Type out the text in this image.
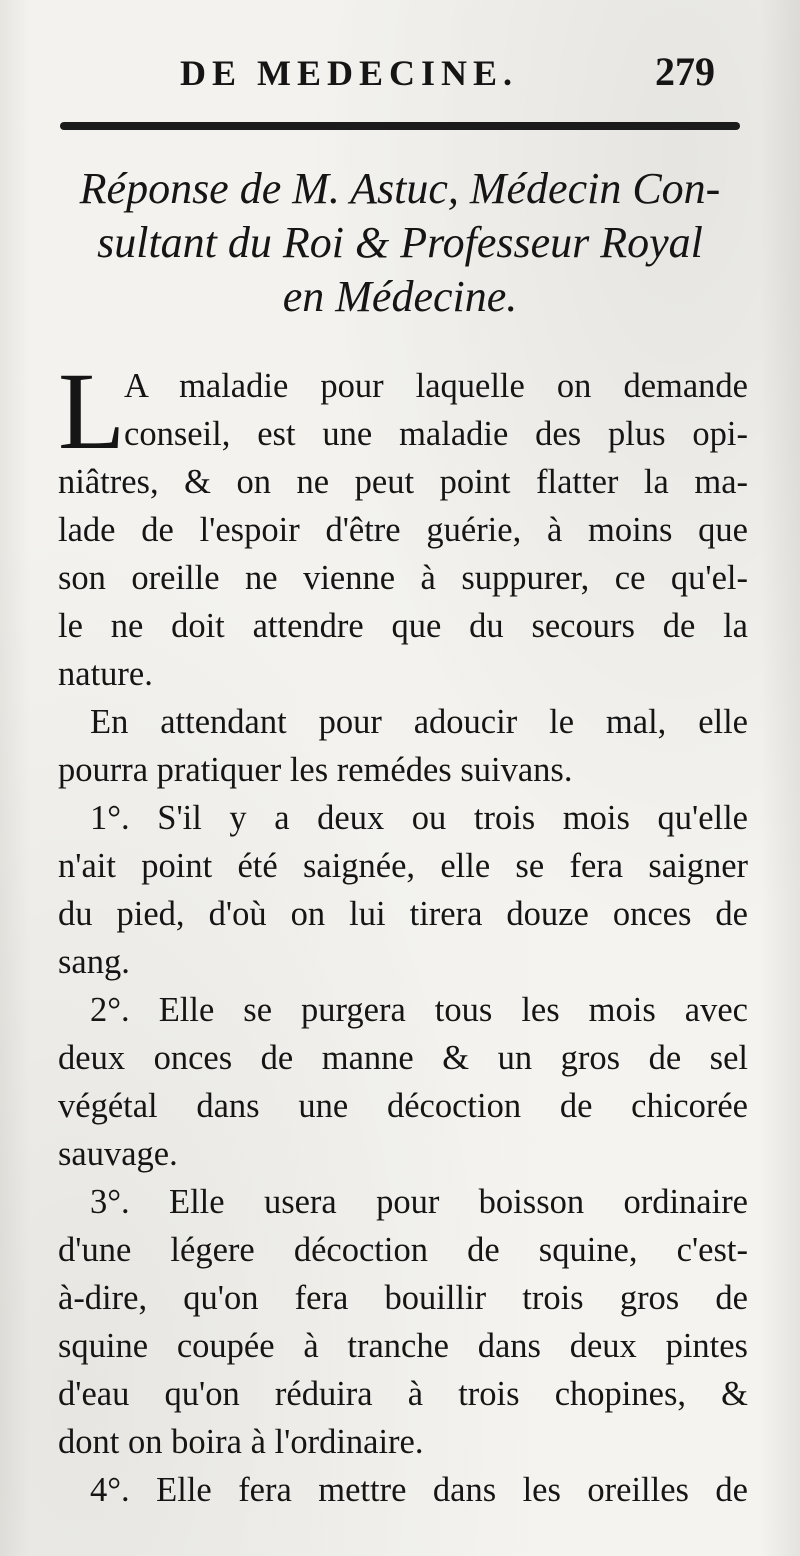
DE MEDECINE.	279
Réponse de M. Astuc, Médecin Con-
sultant du Roi & Professeur Royal
en Médecine.
L
A maladie pour laquelle on demande
conseil, est une maladie des plus opi-
niâtres, & on ne peut point flatter la ma-
lade de l'espoir d'être guérie, à moins que
son oreille ne vienne à suppurer, ce qu'el-
le ne doit attendre que du secours de la
nature.
En attendant pour adoucir le mal, elle
pourra pratiquer les remédes suivans.
1°. S'il y a deux ou trois mois qu'elle
n'ait point été saignée, elle se fera saigner
du pied, d'où on lui tirera douze onces de
sang.
2°. Elle se purgera tous les mois avec
deux onces de manne & un gros de sel
végétal dans une décoction de chicorée
sauvage.
3°. Elle usera pour boisson ordinaire
d'une légere décoction de squine, c'est-
à-dire, qu'on fera bouillir trois gros de
squine coupée à tranche dans deux pintes
d'eau qu'on réduira à trois chopines, &
dont on boira à l'ordinaire.
4°. Elle fera mettre dans les oreilles de
